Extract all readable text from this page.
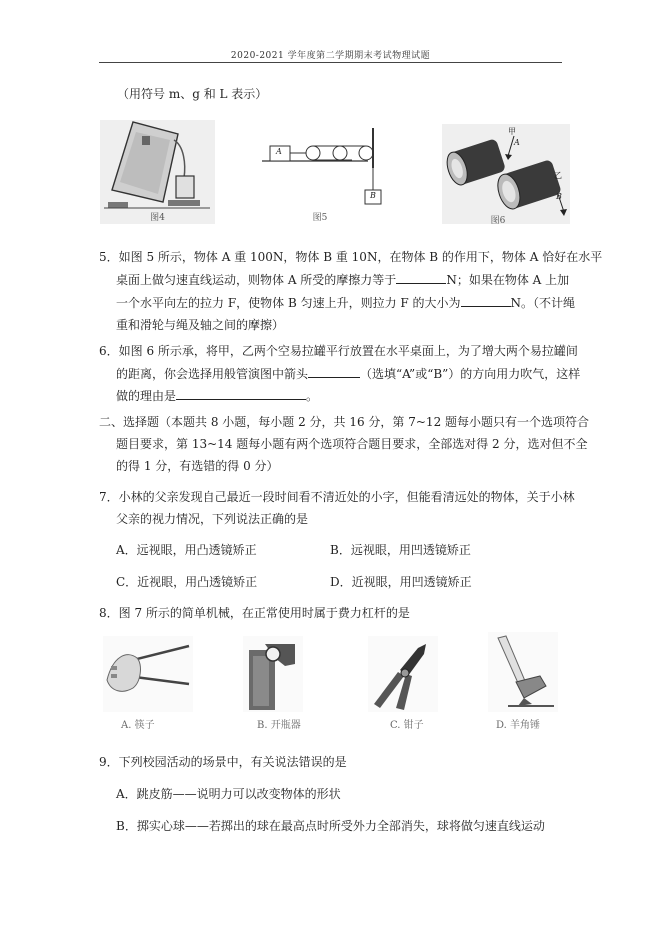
2020-2021 学年度第二学期期末考试物理试题
（用符号 m、g 和 L 表示）
图4
A
B
图5
甲
A
乙
B
图6
5．如图 5 所示，物体 A 重 100N，物体 B 重 10N，在物体 B 的作用下，物体 A 恰好在水平
桌面上做匀速直线运动，则物体 A 所受的摩擦力等于	N；如果在物体 A 上加
一个水平向左的拉力 F，使物体 B 匀速上升，则拉力 F 的大小为	N。（不计绳
重和滑轮与绳及轴之间的摩擦）
6．如图 6 所示承，将甲，乙两个空易拉罐平行放置在水平桌面上，为了增大两个易拉罐间
的距离，你会选择用般管演图中箭头	（选填“A”或“B”）的方向用力吹气，这样
做的理由是	。
二、选择题（本题共 8 小题，每小题 2 分，共 16 分，第 7~12 题每小题只有一个选项符合
题目要求，第 13~14 题每小题有两个选项符合题目要求，全部选对得 2 分，选对但不全
的得 1 分，有选错的得 0 分）
7．小林的父亲发现自己最近一段时间看不清近处的小字，但能看清远处的物体，关于小林
父亲的视力情况，下列说法正确的是
A．远视眼，用凸透镜矫正	B．远视眼，用凹透镜矫正
C．近视眼，用凸透镜矫正	D．近视眼，用凹透镜矫正
8．图 7 所示的简单机械，在正常使用时属于费力杠杆的是
A. 筷子	B. 开瓶器	C. 钳子	D. 羊角锤
9．下列校园活动的场景中，有关说法错误的是
A．跳皮筋——说明力可以改变物体的形状
B．掷实心球——若掷出的球在最高点时所受外力全部消失，球将做匀速直线运动
